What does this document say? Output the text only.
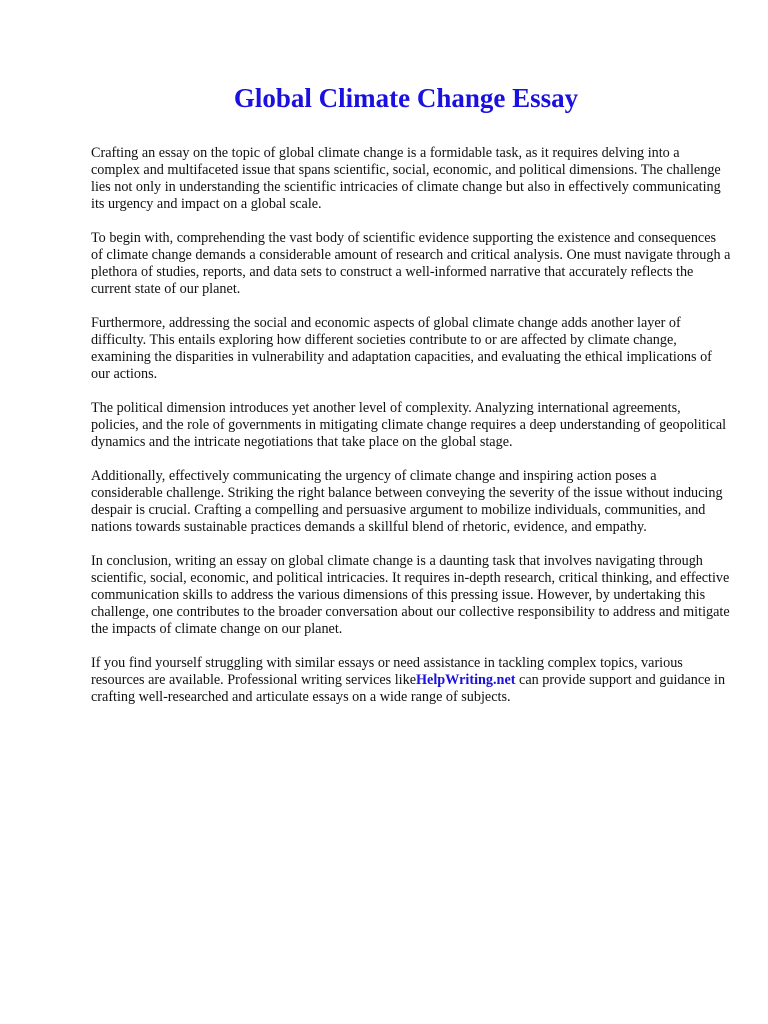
Global Climate Change Essay

Crafting an essay on the topic of global climate change is a formidable task, as it requires delving into a complex and multifaceted issue that spans scientific, social, economic, and political dimensions. The challenge lies not only in understanding the scientific intricacies of climate change but also in effectively communicating its urgency and impact on a global scale.

To begin with, comprehending the vast body of scientific evidence supporting the existence and consequences of climate change demands a considerable amount of research and critical analysis. One must navigate through a plethora of studies, reports, and data sets to construct a well-informed narrative that accurately reflects the current state of our planet.

Furthermore, addressing the social and economic aspects of global climate change adds another layer of difficulty. This entails exploring how different societies contribute to or are affected by climate change, examining the disparities in vulnerability and adaptation capacities, and evaluating the ethical implications of our actions.

The political dimension introduces yet another level of complexity. Analyzing international agreements, policies, and the role of governments in mitigating climate change requires a deep understanding of geopolitical dynamics and the intricate negotiations that take place on the global stage.

Additionally, effectively communicating the urgency of climate change and inspiring action poses a considerable challenge. Striking the right balance between conveying the severity of the issue without inducing despair is crucial. Crafting a compelling and persuasive argument to mobilize individuals, communities, and nations towards sustainable practices demands a skillful blend of rhetoric, evidence, and empathy.

In conclusion, writing an essay on global climate change is a daunting task that involves navigating through scientific, social, economic, and political intricacies. It requires in-depth research, critical thinking, and effective communication skills to address the various dimensions of this pressing issue. However, by undertaking this challenge, one contributes to the broader conversation about our collective responsibility to address and mitigate the impacts of climate change on our planet.

If you find yourself struggling with similar essays or need assistance in tackling complex topics, various resources are available. Professional writing services likeHelpWriting.net can provide support and guidance in crafting well-researched and articulate essays on a wide range of subjects.
